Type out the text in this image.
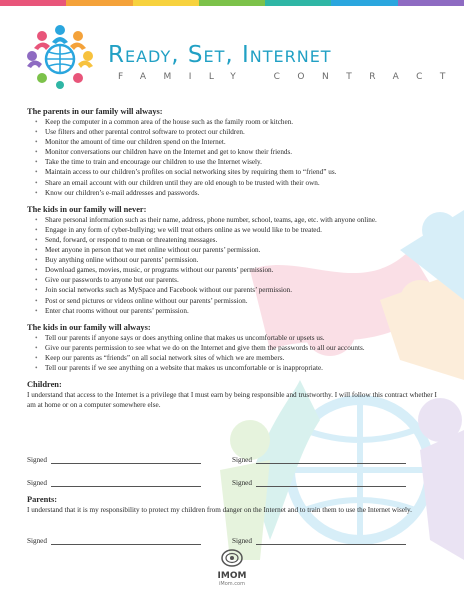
Ready, Set, Internet
FAMILY CONTRACT

The parents in our family will always:

• Keep the computer in a common area of the house such as the family room or kitchen.
• Use filters and other parental control software to protect our children.
• Monitor the amount of time our children spend on the Internet.
• Monitor conversations our children have on the Internet and get to know their friends.
• Take the time to train and encourage our children to use the Internet wisely.
• Maintain access to our children’s profiles on social networking sites by requiring them to “friend” us.
• Share an email account with our children until they are old enough to be trusted with their own.
• Know our children’s e-mail addresses and passwords.

The kids in our family will never:

• Share personal information such as their name, address, phone number, school, teams, age, etc. with anyone online.
• Engage in any form of cyber-bullying; we will treat others online as we would like to be treated.
• Send, forward, or respond to mean or threatening messages.
• Meet anyone in person that we met online without our parents’ permission.
• Buy anything online without our parents’ permission.
• Download games, movies, music, or programs without our parents’ permission.
• Give our passwords to anyone but our parents.
• Join social networks such as MySpace and Facebook without our parents’ permission.
• Post or send pictures or videos online without our parents’ permission.
• Enter chat rooms without our parents’ permission.

The kids in our family will always:

• Tell our parents if anyone says or does anything online that makes us uncomfortable or upsets us.
• Give our parents permission to see what we do on the Internet and give them the passwords to all our accounts.
• Keep our parents as “friends” on all social network sites of which we are members.
• Tell our parents if we see anything on a website that makes us uncomfortable or is inappropriate.

Children:

I understand that access to the Internet is a privilege that I must earn by being responsible and trustworthy. I will follow this contract whether I am at home or on a computer somewhere else.

Signed	Signed
Signed	Signed

Parents:

I understand that it is my responsibility to protect my children from danger on the Internet and to train them to use the Internet wisely.

Signed	Signed
IMOM
iMom.com
